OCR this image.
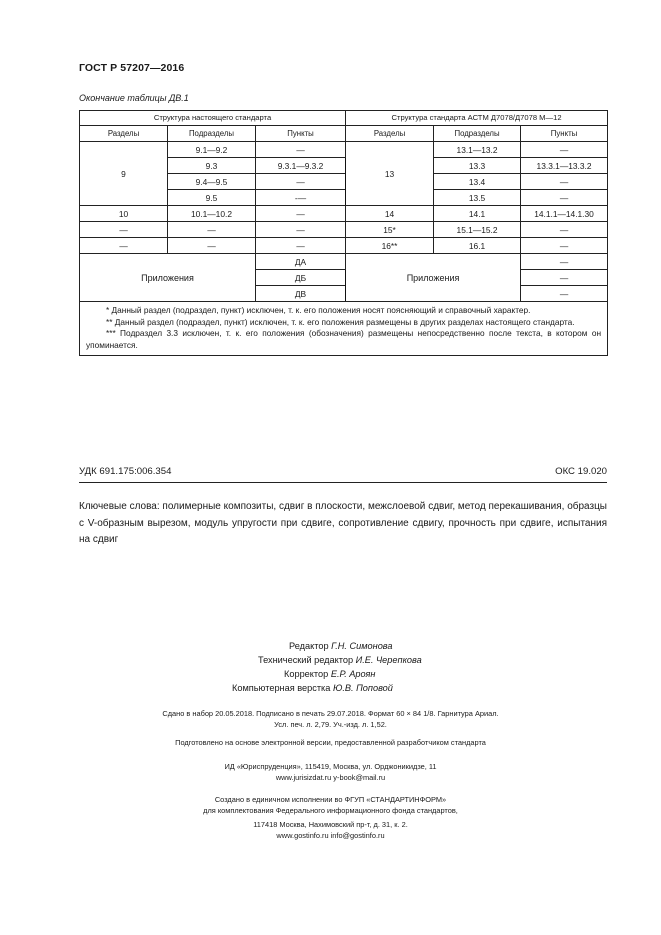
ГОСТ Р 57207—2016
Окончание таблицы ДВ.1
Структура настоящего стандарта			Структура стандарта АСТМ Д7078/Д7078 М—12		
Разделы	Подразделы	Пункты	Разделы	Подразделы	Пункты
9	9.1—9.2	—	13	13.1—13.2	—
	9.3	9.3.1—9.3.2		13.3	13.3.1—13.3.2
	9.4—9.5	—		13.4	—
	9.5	-—		13.5	—
10	10.1—10.2	—	14	14.1	14.1.1—14.1.30
—	—	—	15*	15.1—15.2	—
—	—	—	16**	16.1	—
Приложения		ДА	Приложения		—
		ДБ			—
		ДВ			—

* Данный раздел (подраздел, пункт) исключен, т. к. его положения носят поясняющий и справочный характер.
** Данный раздел (подраздел, пункт) исключен, т. к. его положения размещены в других разделах настоящего стандарта.
*** Подраздел 3.3 исключен, т. к. его положения (обозначения) размещены непосредственно после текста, в котором он упоминается.					
УДК 691.175:006.354	ОКС 19.020
Ключевые слова: полимерные композиты, сдвиг в плоскости, межслоевой сдвиг, метод перекашивания, образцы с V-образным вырезом, модуль упругости при сдвиге, сопротивление сдвигу, прочность при сдвиге, испытания на сдвиг
Редактор Г.Н. Симонова
Технический редактор И.Е. Черепкова
Корректор Е.Р. Ароян
Компьютерная верстка Ю.В. Поповой
Сдано в набор 20.05.2018. Подписано в печать 29.07.2018. Формат 60 × 84 1/8. Гарнитура Ариал.
Усл. печ. л. 2,79. Уч.-изд. л. 1,52.
Подготовлено на основе электронной версии, предоставленной разработчиком стандарта
ИД «Юриспруденция», 115419, Москва, ул. Орджоникидзе, 11
www.jurisizdat.ru y-book@mail.ru
Создано в единичном исполнении во ФГУП «СТАНДАРТИНФОРМ»
для комплектования Федерального информационного фонда стандартов,
117418 Москва, Нахимовский пр-т, д. 31, к. 2.
www.gostinfo.ru info@gostinfo.ru
